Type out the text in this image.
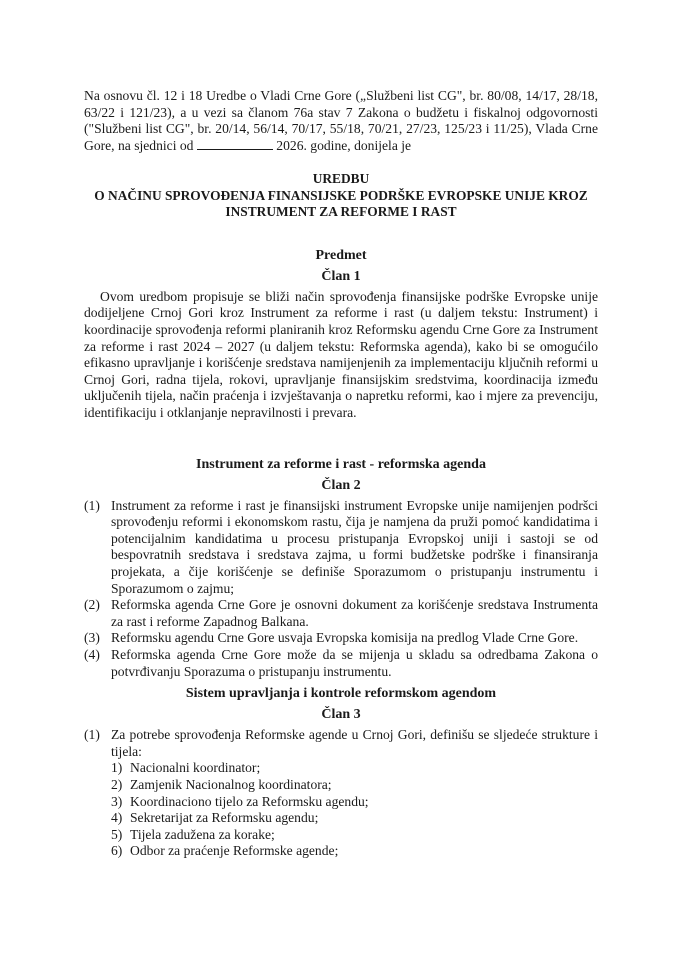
Na osnovu čl. 12 i 18 Uredbe o Vladi Crne Gore („Službeni list CG", br. 80/08, 14/17, 28/18, 63/22 i 121/23), a u vezi sa članom 76a stav 7 Zakona o budžetu i fiskalnoj odgovornosti ("Službeni list CG", br. 20/14, 56/14, 70/17, 55/18, 70/21, 27/23, 125/23 i 11/25), Vlada Crne Gore, na sjednici od	2026. godine, donijela je

UREDBU

O NAČINU SPROVOĐENJA FINANSIJSKE PODRŠKE EVROPSKE UNIJE KROZ

INSTRUMENT ZA REFORME I RAST

Predmet

Član 1

Ovom uredbom propisuje se bliži način sprovođenja finansijske podrške Evropske unije dodijeljene Crnoj Gori kroz Instrument za reforme i rast (u daljem tekstu: Instrument) i koordinacije sprovođenja reformi planiranih kroz Reformsku agendu Crne Gore za Instrument za reforme i rast 2024 – 2027 (u daljem tekstu: Reformska agenda), kako bi se omogućilo efikasno upravljanje i korišćenje sredstava namijenjenih za implementaciju ključnih reformi u Crnoj Gori, radna tijela, rokovi, upravljanje finansijskim sredstvima, koordinacija između uključenih tijela, način praćenja i izvještavanja o napretku reformi, kao i mjere za prevenciju, identifikaciju i otklanjanje nepravilnosti i prevara.

Instrument za reforme i rast - reformska agenda

Član 2

(1) Instrument za reforme i rast je finansijski instrument Evropske unije namijenjen podršci sprovođenju reformi i ekonomskom rastu, čija je namjena da pruži pomoć kandidatima i potencijalnim kandidatima u procesu pristupanja Evropskoj uniji i sastoji se od bespovratnih sredstava i sredstava zajma, u formi budžetske podrške i finansiranja projekata, a čije korišćenje se definiše Sporazumom o pristupanju instrumentu i Sporazumom o zajmu;
(2) Reformska agenda Crne Gore je osnovni dokument za korišćenje sredstava Instrumenta za rast i reforme Zapadnog Balkana.
(3) Reformsku agendu Crne Gore usvaja Evropska komisija na predlog Vlade Crne Gore.
(4) Reformska agenda Crne Gore može da se mijenja u skladu sa odredbama Zakona o potvrđivanju Sporazuma o pristupanju instrumentu.

Sistem upravljanja i kontrole reformskom agendom

Član 3

(1) Za potrebe sprovođenja Reformske agende u Crnoj Gori, definišu se sljedeće strukture i tijela:
1) Nacionalni koordinator;
2) Zamjenik Nacionalnog koordinatora;
3) Koordinaciono tijelo za Reformsku agendu;
4) Sekretarijat za Reformsku agendu;
5) Tijela zadužena za korake;
6) Odbor za praćenje Reformske agende;
